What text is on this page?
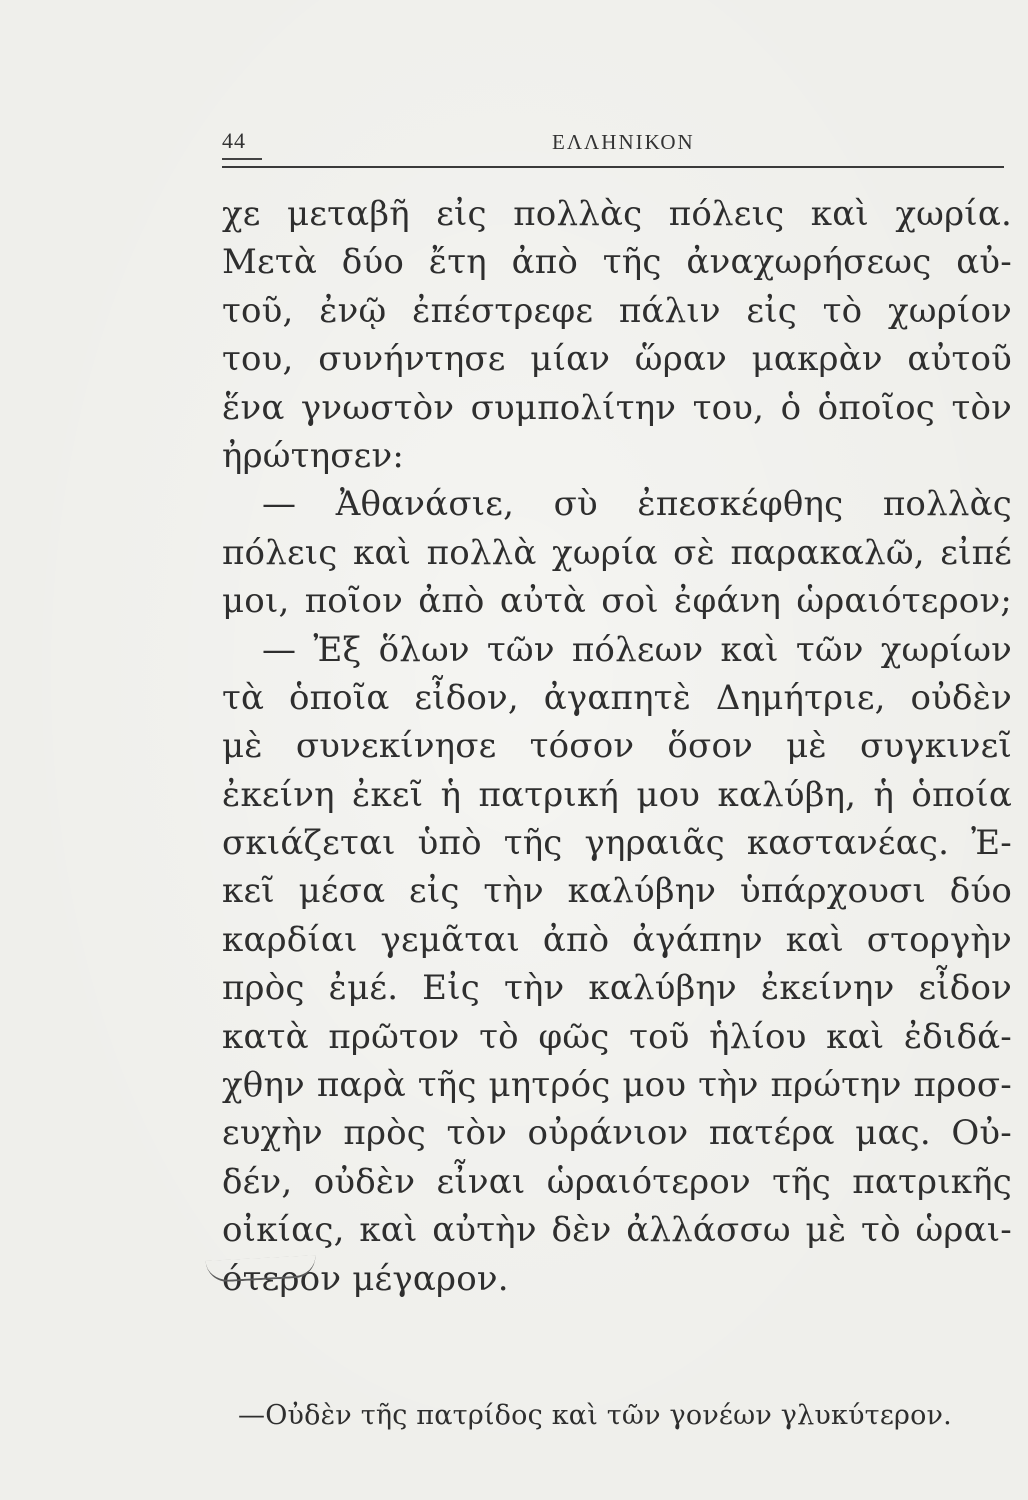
44	ΕΛΛΗΝΙΚΟΝ
χε μεταβῆ εἰς πολλὰς πόλεις καὶ χωρία.
Μετὰ δύο ἔτη ἀπὸ τῆς ἀναχωρήσεως αὐ-
τοῦ, ἐνῷ ἐπέστρεφε πάλιν εἰς τὸ χωρίον
του, συνήντησε μίαν ὥραν μακρὰν αὐτοῦ
ἕνα γνωστὸν συμπολίτην του, ὁ ὁποῖος τὸν
ἠρώτησεν:
— Ἀθανάσιε, σὺ ἐπεσκέφθης πολλὰς
πόλεις καὶ πολλὰ χωρία σὲ παρακαλῶ, εἰπέ
μοι, ποῖον ἀπὸ αὐτὰ σοὶ ἐφάνη ὡραιότερον;
— Ἐξ ὅλων τῶν πόλεων καὶ τῶν χωρίων
τὰ ὁποῖα εἶδον, ἀγαπητὲ Δημήτριε, οὐδὲν
μὲ συνεκίνησε τόσον ὅσον μὲ συγκινεῖ
ἐκείνη ἐκεῖ ἡ πατρική μου καλύβη, ἡ ὁποία
σκιάζεται ὑπὸ τῆς γηραιᾶς καστανέας. Ἐ-
κεῖ μέσα εἰς τὴν καλύβην ὑπάρχουσι δύο
καρδίαι γεμᾶται ἀπὸ ἀγάπην καὶ στοργὴν
πρὸς ἐμέ. Εἰς τὴν καλύβην ἐκείνην εἶδον
κατὰ πρῶτον τὸ φῶς τοῦ ἡλίου καὶ ἐδιδά-
χθην παρὰ τῆς μητρός μου τὴν πρώτην προσ-
ευχὴν πρὸς τὸν οὐράνιον πατέρα μας. Οὐ-
δέν, οὐδὲν εἶναι ὡραιότερον τῆς πατρικῆς
οἰκίας, καὶ αὐτὴν δὲν ἀλλάσσω μὲ τὸ ὡραι-
ότερον μέγαρον.
—Οὐδὲν τῆς πατρίδος καὶ τῶν γονέων γλυκύτερον.
